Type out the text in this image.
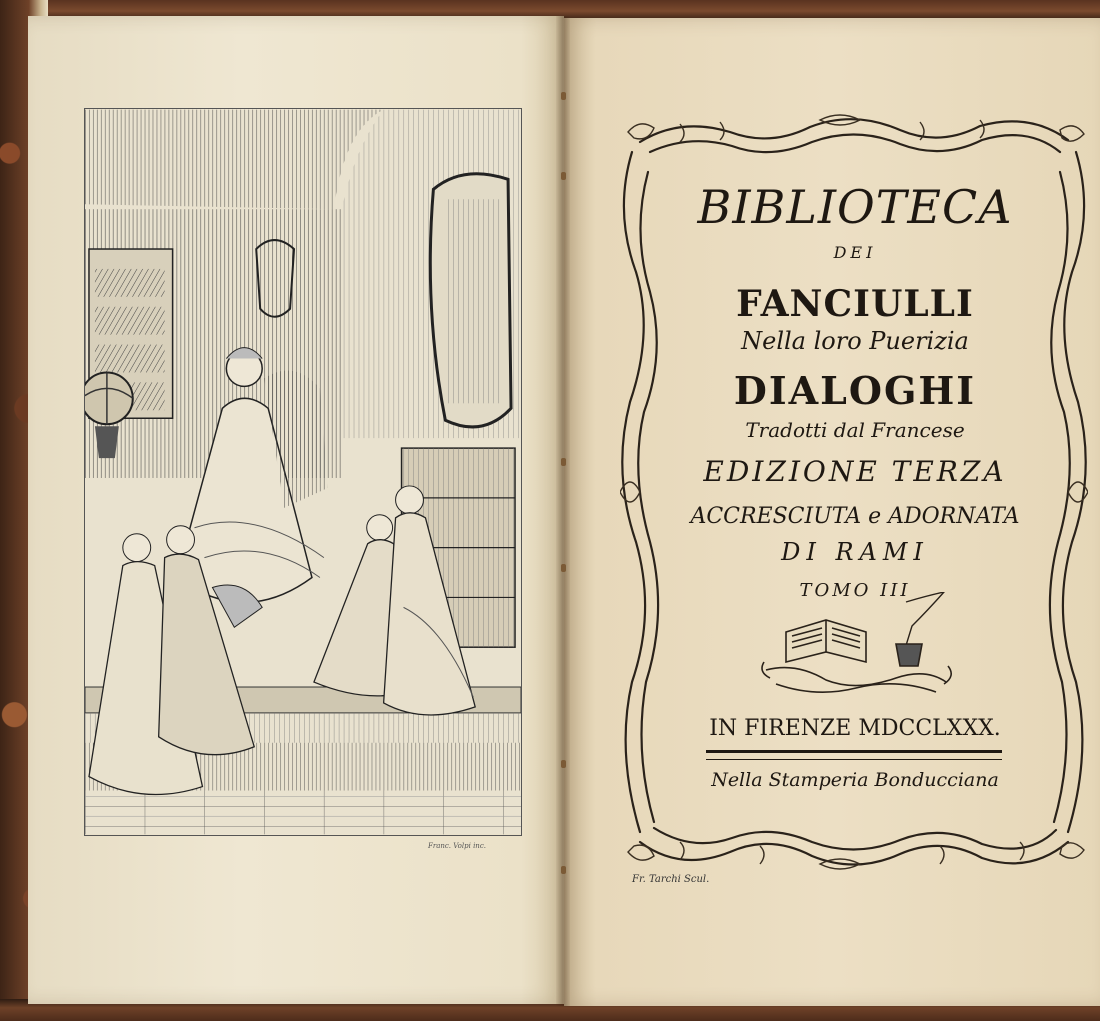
Franc. Volpi inc.
BIBLIOTECA
DEI
FANCIULLI
Nella loro Puerizia
DIALOGHI
Tradotti dal Francese
EDIZIONE TERZA
ACCRESCIUTA e ADORNATA
DI RAMI
TOMO III
IN FIRENZE MDCCLXXX.
Nella Stamperia Bonducciana
Fr. Tarchi Scul.
